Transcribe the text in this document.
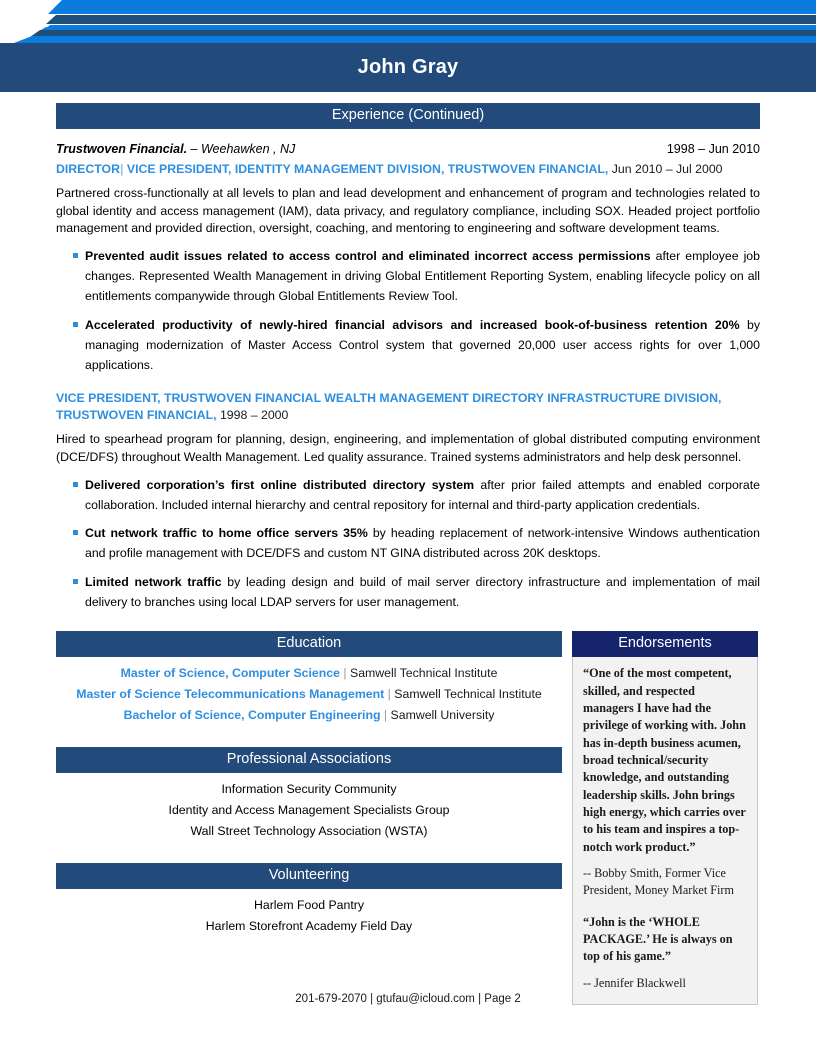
John Gray
Experience (Continued)
Trustwoven Financial. – Weehawken , NJ	1998 – Jun 2010
DIRECTOR| VICE PRESIDENT, IDENTITY MANAGEMENT DIVISION, TRUSTWOVEN FINANCIAL, Jun 2010 – Jul 2000
Partnered cross-functionally at all levels to plan and lead development and enhancement of program and technologies related to global identity and access management (IAM), data privacy, and regulatory compliance, including SOX. Headed project portfolio management and provided direction, oversight, coaching, and mentoring to engineering and software development teams.
Prevented audit issues related to access control and eliminated incorrect access permissions after employee job changes. Represented Wealth Management in driving Global Entitlement Reporting System, enabling lifecycle policy on all entitlements companywide through Global Entitlements Review Tool.
Accelerated productivity of newly-hired financial advisors and increased book-of-business retention 20% by managing modernization of Master Access Control system that governed 20,000 user access rights for over 1,000 applications.
VICE PRESIDENT, TRUSTWOVEN FINANCIAL WEALTH MANAGEMENT DIRECTORY INFRASTRUCTURE DIVISION, TRUSTWOVEN FINANCIAL, 1998 – 2000
Hired to spearhead program for planning, design, engineering, and implementation of global distributed computing environment (DCE/DFS) throughout Wealth Management. Led quality assurance. Trained systems administrators and help desk personnel.
Delivered corporation’s first online distributed directory system after prior failed attempts and enabled corporate collaboration. Included internal hierarchy and central repository for internal and third-party application credentials.
Cut network traffic to home office servers 35% by heading replacement of network-intensive Windows authentication and profile management with DCE/DFS and custom NT GINA distributed across 20K desktops.
Limited network traffic by leading design and build of mail server directory infrastructure and implementation of mail delivery to branches using local LDAP servers for user management.
Education
Master of Science, Computer Science | Samwell Technical Institute
Master of Science Telecommunications Management | Samwell Technical Institute
Bachelor of Science, Computer Engineering | Samwell University
Professional Associations
Information Security Community
Identity and Access Management Specialists Group
Wall Street Technology Association (WSTA)
Volunteering
Harlem Food Pantry
Harlem Storefront Academy Field Day
Endorsements
“One of the most competent, skilled, and respected managers I have had the privilege of working with. John has in-depth business acumen, broad technical/security knowledge, and outstanding leadership skills. John brings high energy, which carries over to his team and inspires a top-notch work product.”
-- Bobby Smith, Former Vice President, Money Market Firm
“John is the ‘WHOLE PACKAGE.’ He is always on top of his game.”
-- Jennifer Blackwell
201-679-2070 | gtufau@icloud.com | Page 2
